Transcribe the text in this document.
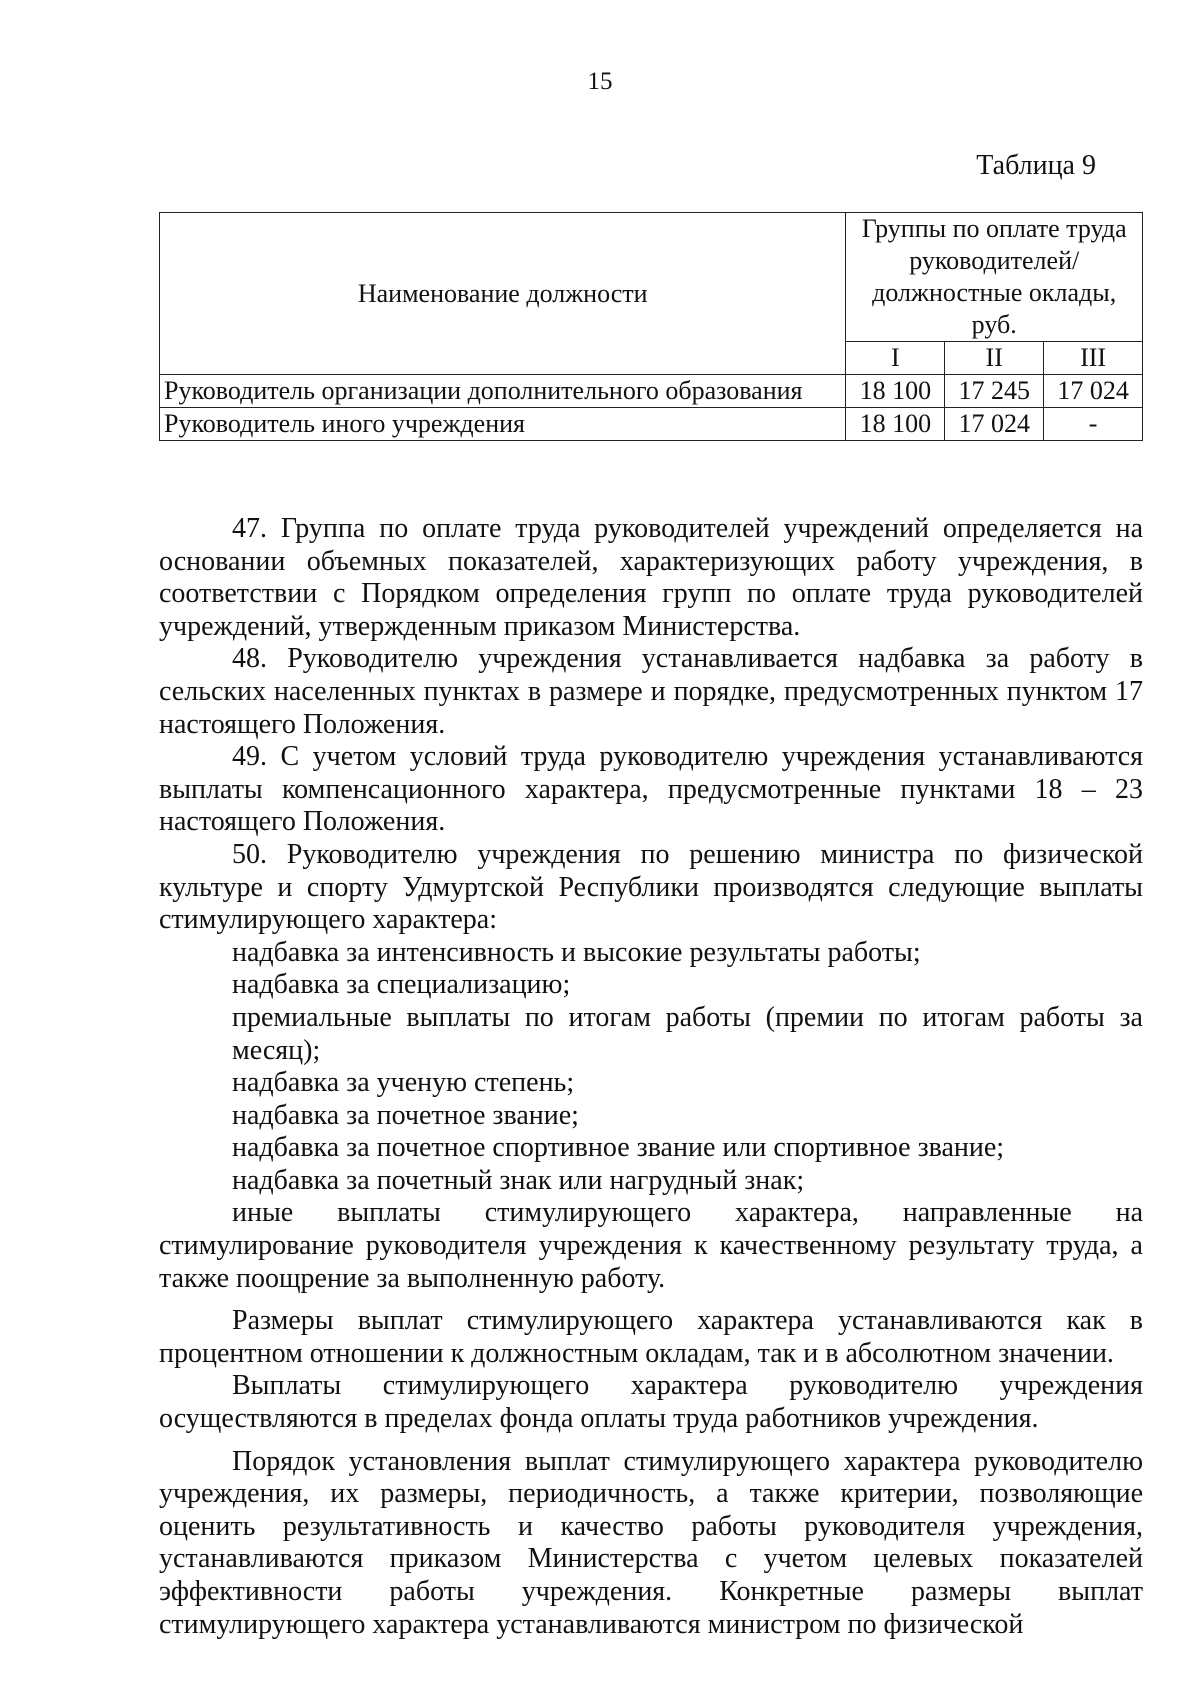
15
Таблица 9
Наименование должности	Группы по оплате труда руководителей/ должностные оклады, руб.		
	I	II	III
Руководитель организации дополнительного образования	18 100	17 245	17 024
Руководитель иного учреждения	18 100	17 024	-

47. Группа по оплате труда руководителей учреждений определяется на основании объемных показателей, характеризующих работу учреждения, в соответствии с Порядком определения групп по оплате труда руководителей учреждений, утвержденным приказом Министерства.

48. Руководителю учреждения устанавливается надбавка за работу в сельских населенных пунктах в размере и порядке, предусмотренных пунктом 17 настоящего Положения.

49. С учетом условий труда руководителю учреждения устанавливаются выплаты компенсационного характера, предусмотренные пунктами 18 – 23 настоящего Положения.

50. Руководителю учреждения по решению министра по физической культуре и спорту Удмуртской Республики производятся следующие выплаты стимулирующего характера:

надбавка за интенсивность и высокие результаты работы;

надбавка за специализацию;

премиальные выплаты по итогам работы (премии по итогам работы за месяц);

надбавка за ученую степень;

надбавка за почетное звание;

надбавка за почетное спортивное звание или спортивное звание;

надбавка за почетный знак или нагрудный знак;

иные выплаты стимулирующего характера, направленные на стимулирование руководителя учреждения к качественному результату труда, а также поощрение за выполненную работу.

Размеры выплат стимулирующего характера устанавливаются как в процентном отношении к должностным окладам, так и в абсолютном значении.

Выплаты стимулирующего характера руководителю учреждения осуществляются в пределах фонда оплаты труда работников учреждения.

Порядок установления выплат стимулирующего характера руководителю учреждения, их размеры, периодичность, а также критерии, позволяющие оценить результативность и качество работы руководителя учреждения, устанавливаются приказом Министерства с учетом целевых показателей эффективности работы учреждения. Конкретные размеры выплат стимулирующего характера устанавливаются министром по физической
